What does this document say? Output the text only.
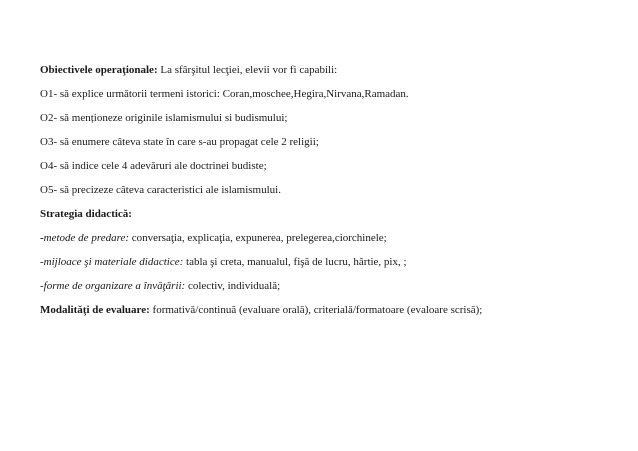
Obiectivele operaţionale: La sfârşitul lecţiei, elevii vor fi capabili:
O1- să explice următorii termeni istorici: Coran,moschee,Hegira,Nirvana,Ramadan.
O2- să menționeze originile islamismului si budismului;
O3- să enumere câteva state în care s-au propagat cele 2 religii;
O4- să indice cele 4 adevăruri ale doctrinei budiste;
O5- să precizeze câteva caracteristici ale islamismului.
Strategia didactică:
-metode de predare: conversaţia, explicaţia, expunerea, prelegerea,ciorchinele;
-mijloace şi materiale didactice: tabla şi creta, manualul, fişă de lucru, hârtie, pix, ;
-forme de organizare a învăţării: colectiv, individuală;
Modalităţi de evaluare: formativă/continuă (evaluare orală), criterială/formatoare (evaloare scrisă);
